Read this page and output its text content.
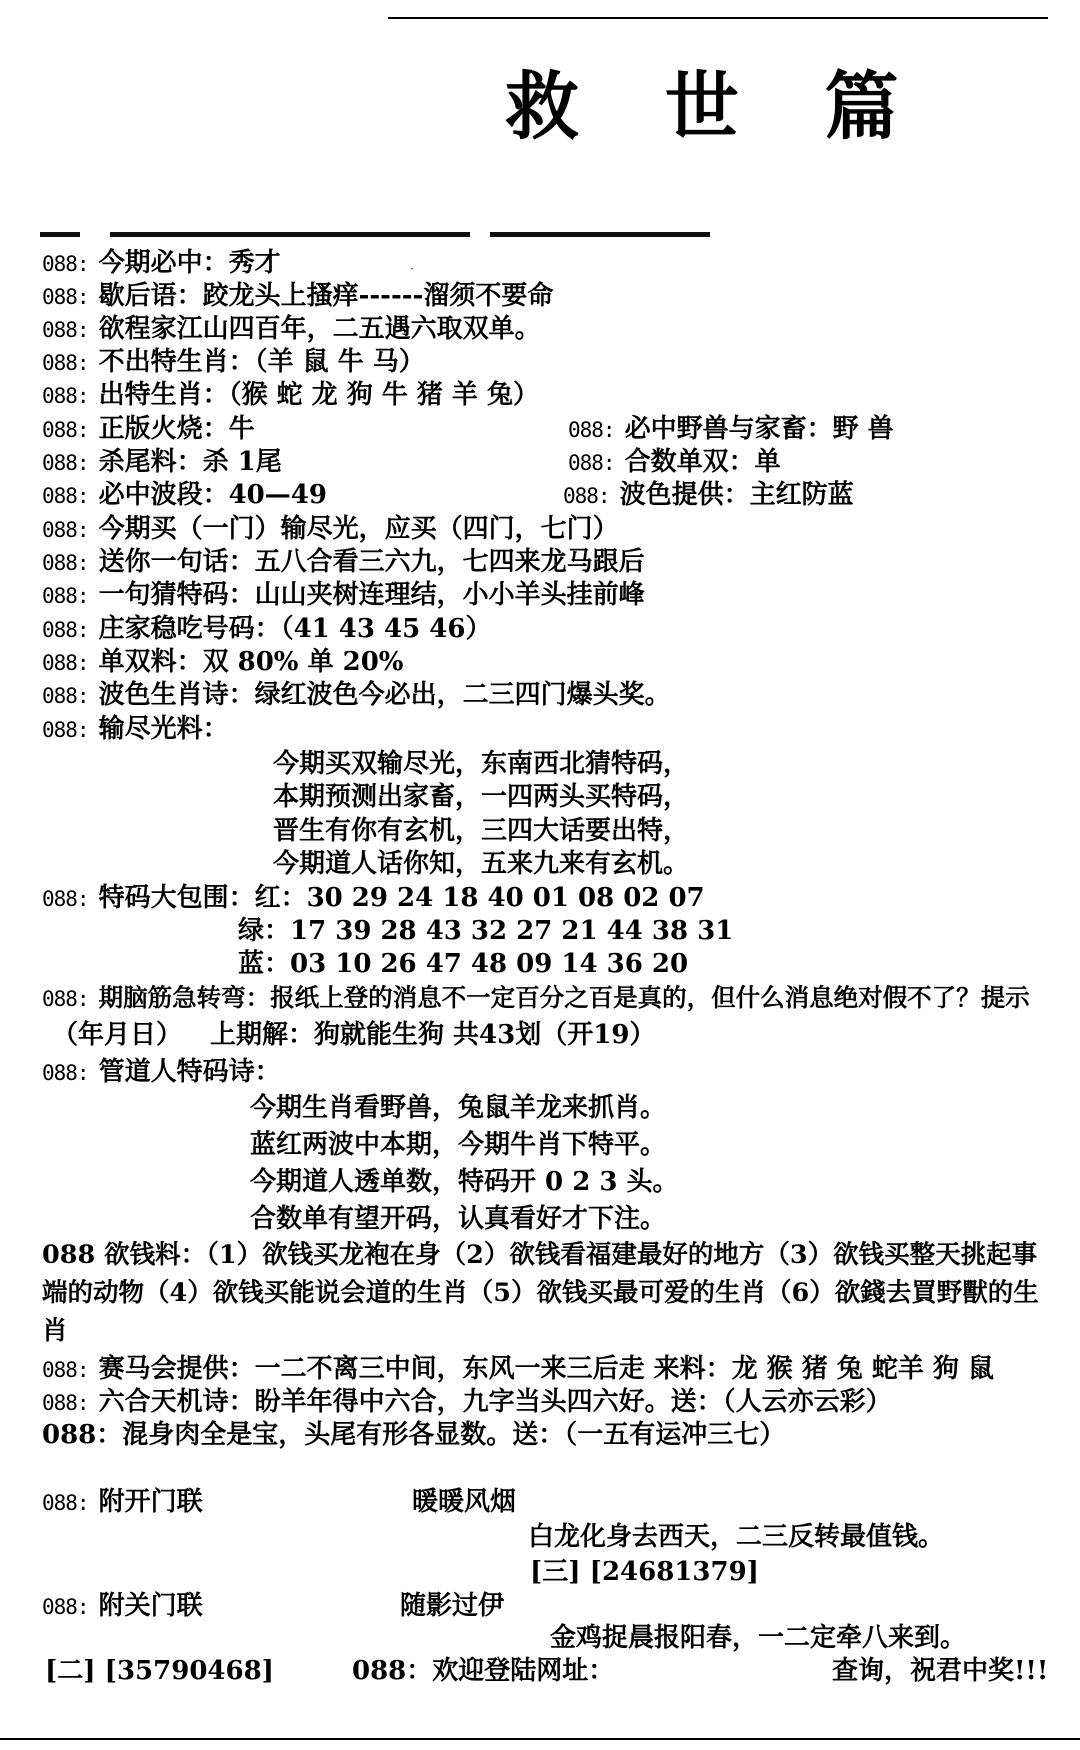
救 世 篇
088: 今期必中：秀才	·
088: 歇后语：跤龙头上搔痒------溜须不要命
088: 欲程家江山四百年，二五遇六取双单。
088: 不出特生肖：（羊 鼠 牛 马）
088: 出特生肖：（猴 蛇 龙 狗 牛 猪 羊 兔）
088: 正版火烧：牛	088: 必中野兽与家畜：野 兽
088: 杀尾料：杀 1尾	088: 合数单双：单
088: 必中波段：40—49	088: 波色提供：主红防蓝
088: 今期买（一门）输尽光，应买（四门，七门）
088: 送你一句话：五八合看三六九，七四来龙马跟后
088: 一句猜特码：山山夹树连理结，小小羊头挂前峰
088: 庄家稳吃号码：（41 43 45 46）
088: 单双料：双 80% 单 20%
088: 波色生肖诗：绿红波色今必出，二三四门爆头奖。
088: 输尽光料：
今期买双输尽光，东南西北猜特码，
本期预测出家畜，一四两头买特码，
晋生有你有玄机，三四大话要出特，
今期道人话你知，五来九来有玄机。
088: 特码大包围：红：30 29 24 18 40 01 08 02 07
绿：17 39 28 43 32 27 21 44 38 31
蓝：03 10 26 47 48 09 14 36 20
088: 期脑筋急转弯：报纸上登的消息不一定百分之百是真的，但什么消息绝对假不了？提示
（年月日） 上期解：狗就能生狗 共43划（开19）
088: 管道人特码诗：
今期生肖看野兽，兔鼠羊龙来抓肖。
蓝红两波中本期，今期牛肖下特平。
今期道人透单数，特码开 0 2 3 头。
合数单有望开码，认真看好才下注。
088 欲钱料：（1）欲钱买龙袍在身（2）欲钱看福建最好的地方（3）欲钱买整天挑起事端的动物（4）欲钱买能说会道的生肖（5）欲钱买最可爱的生肖（6）欲錢去買野獸的生肖
088: 赛马会提供：一二不离三中间，东风一来三后走 来料：龙 猴 猪 兔 蛇羊 狗 鼠
088: 六合天机诗：盼羊年得中六合，九字当头四六好。送：（人云亦云彩）
088：混身肉全是宝，头尾有形各显数。送：（一五有运冲三七）
088: 附开门联	暖暖风烟
白龙化身去西天，二三反转最值钱。
[三] [24681379]
088: 附关门联	随影过伊
金鸡捉晨报阳春，一二定牵八来到。
[二] [35790468]	088：欢迎登陆网址：	查询，祝君中奖!!!
